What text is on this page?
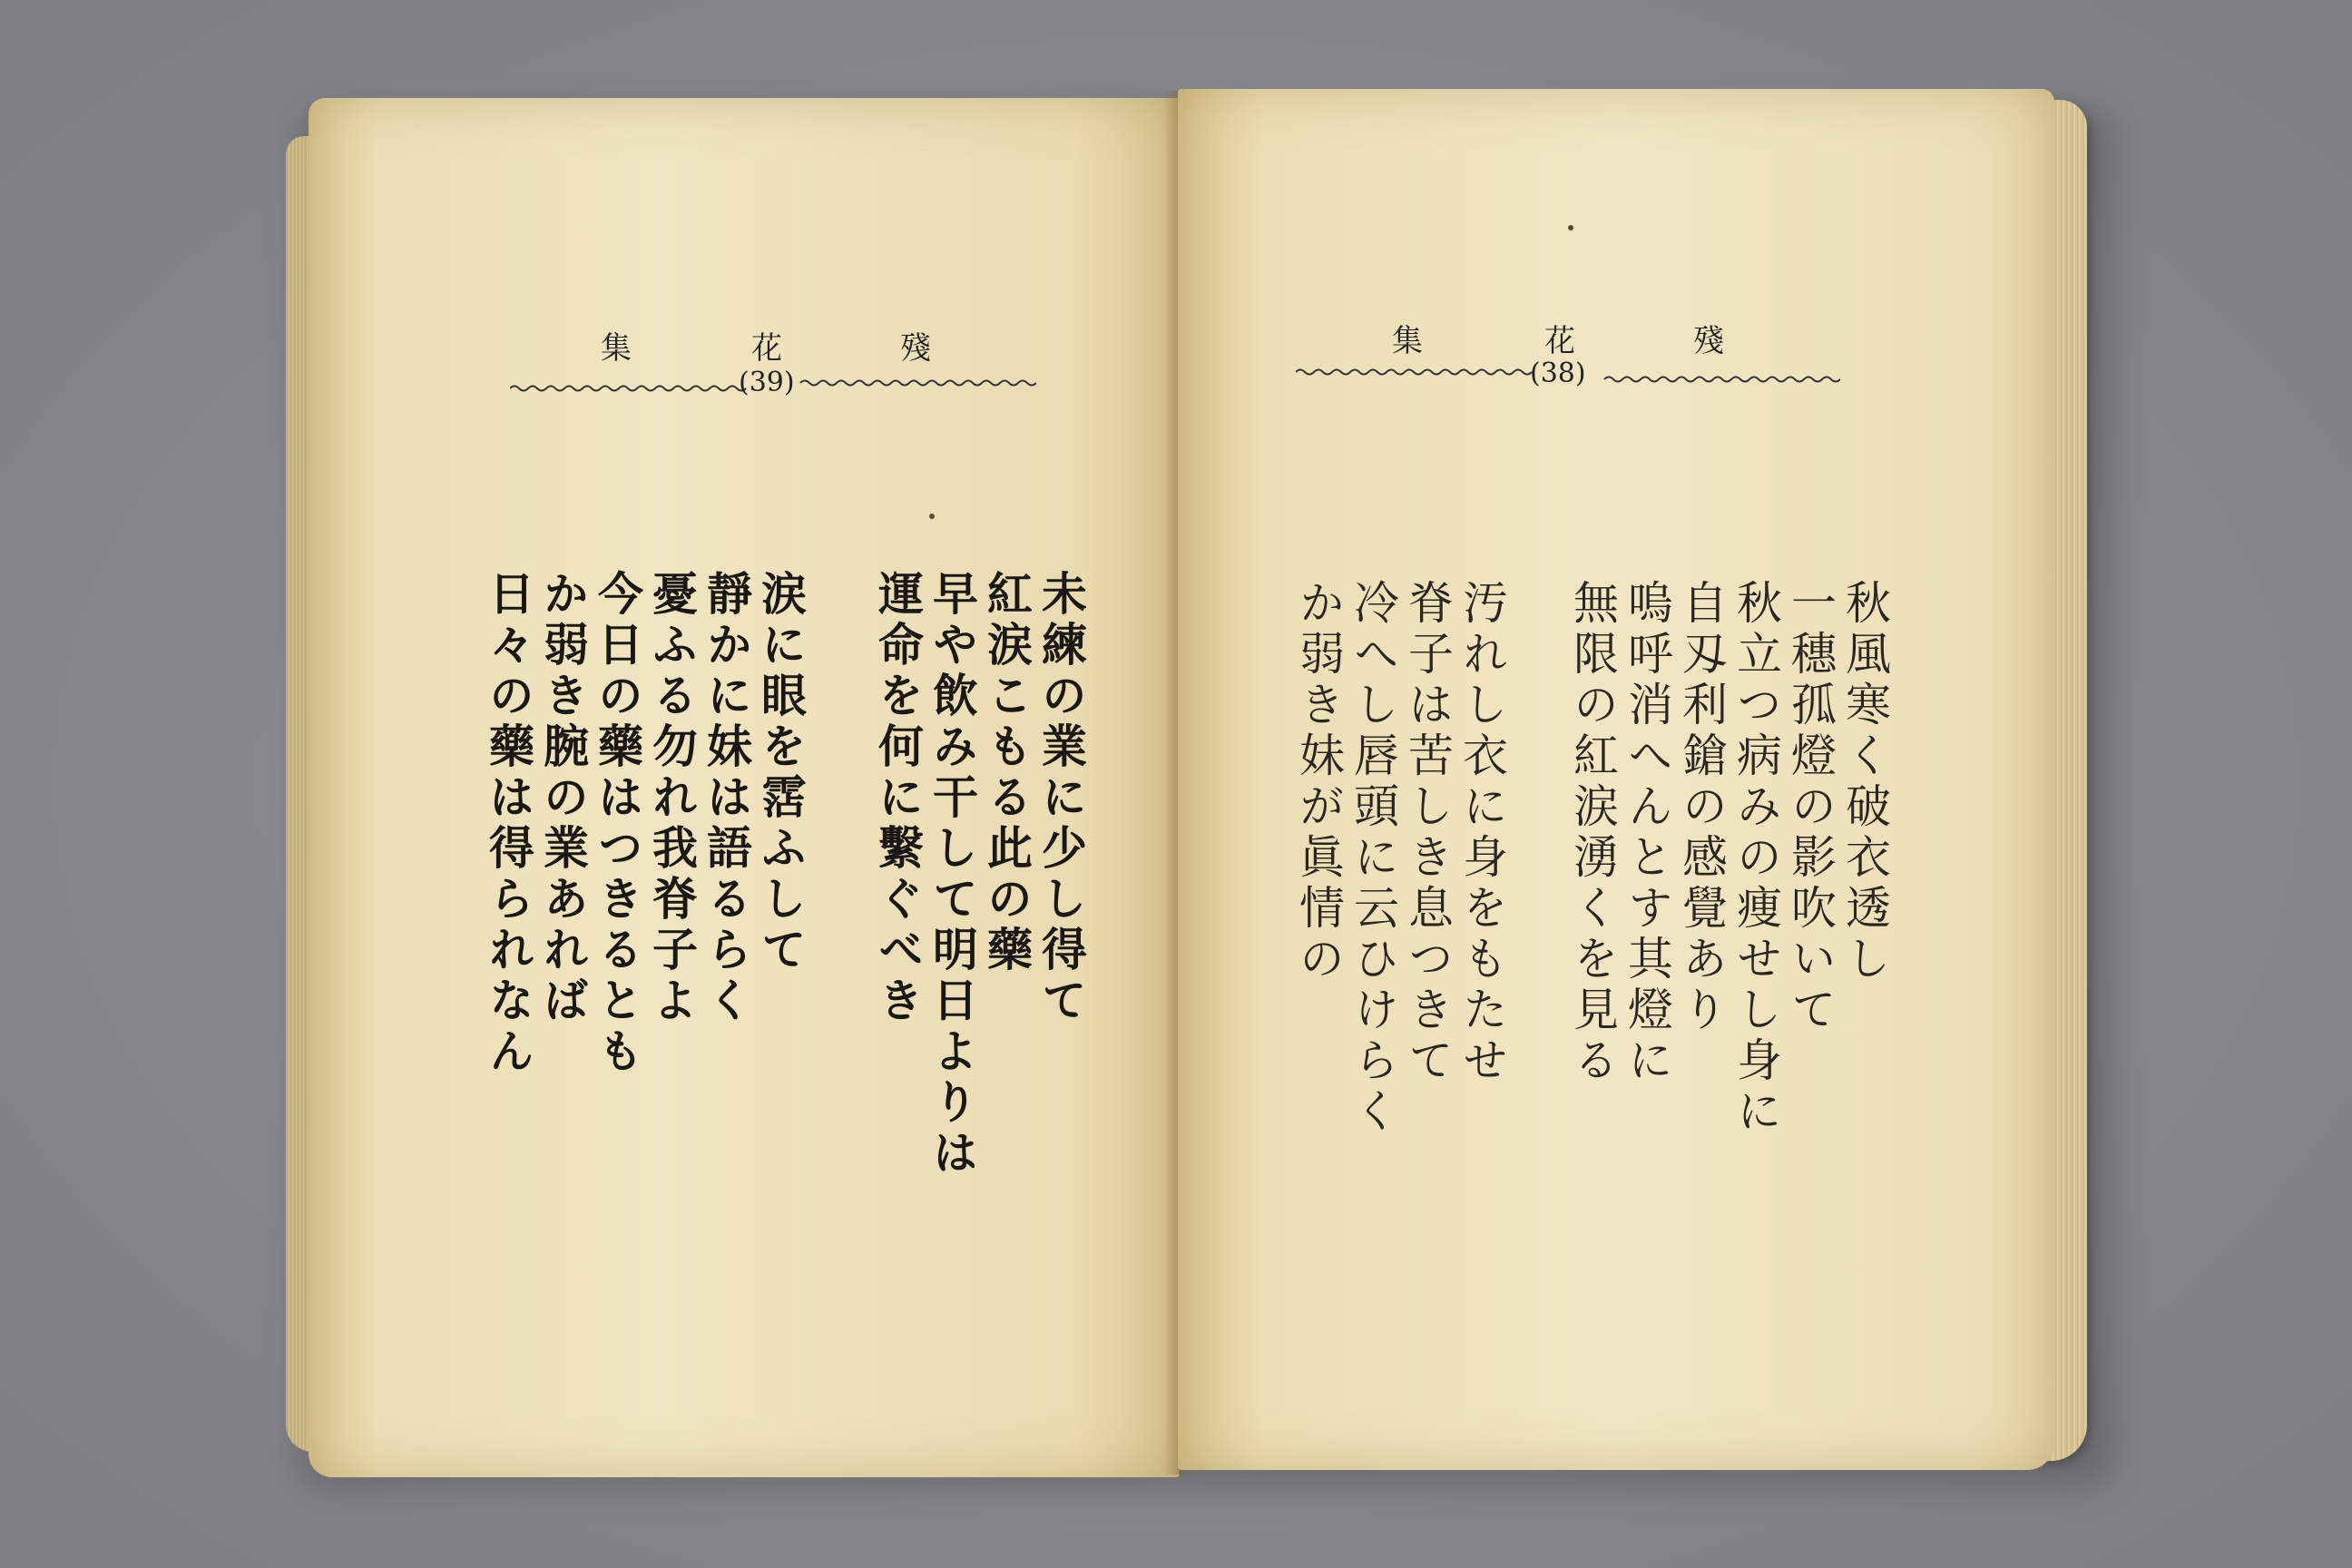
集	花	殘
(39)
未練の業に少し得て
紅涙こもる此の藥
早や飲み干して明日よりは
運命を何に繫ぐべき
涙に眼を霑ふして
靜かに妹は語るらく
憂ふる勿れ我脊子よ
今日の藥はつきるとも
か弱き腕の業あれば
日々の藥は得られなん
集	花	殘
(38)
秋風寒く破衣透し
一穗孤燈の影吹いて
秋立つ病みの痩せし身に
自刄利鎗の感覺あり
嗚呼消へんとす其燈に
無限の紅涙湧くを見る
汚れし衣に身をもたせ
脊子は苦しき息つきて
冷へし唇頭に云ひけらく
か弱き妹が眞情の
